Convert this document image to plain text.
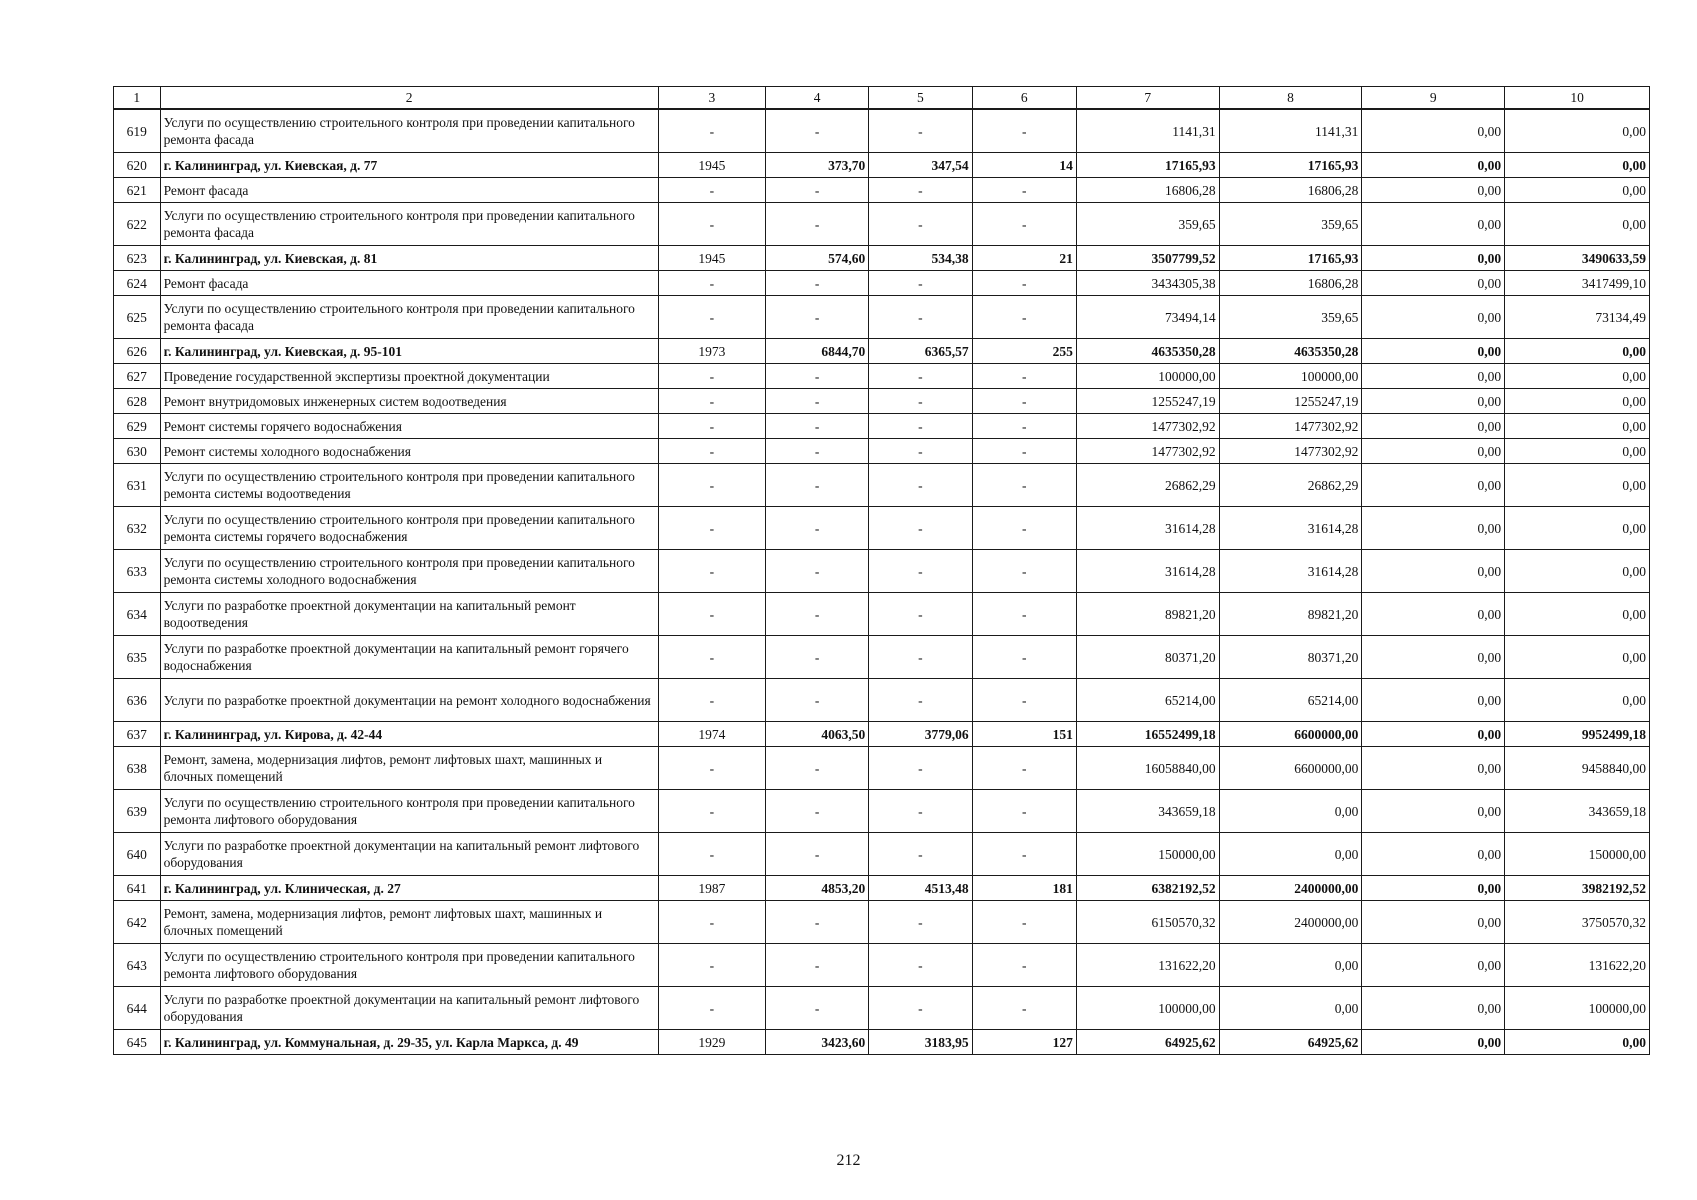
1	2	3	4	5	6	7	8	9	10
619	Услуги по осуществлению строительного контроля при проведении капитального ремонта фасада	-	-	-	-	1141,31	1141,31	0,00	0,00
620	г. Калининград, ул. Киевская, д. 77	1945	373,70	347,54	14	17165,93	17165,93	0,00	0,00
621	Ремонт фасада	-	-	-	-	16806,28	16806,28	0,00	0,00
622	Услуги по осуществлению строительного контроля при проведении капитального ремонта фасада	-	-	-	-	359,65	359,65	0,00	0,00
623	г. Калининград, ул. Киевская, д. 81	1945	574,60	534,38	21	3507799,52	17165,93	0,00	3490633,59
624	Ремонт фасада	-	-	-	-	3434305,38	16806,28	0,00	3417499,10
625	Услуги по осуществлению строительного контроля при проведении капитального ремонта фасада	-	-	-	-	73494,14	359,65	0,00	73134,49
626	г. Калининград, ул. Киевская, д. 95-101	1973	6844,70	6365,57	255	4635350,28	4635350,28	0,00	0,00
627	Проведение государственной экспертизы проектной документации	-	-	-	-	100000,00	100000,00	0,00	0,00
628	Ремонт внутридомовых инженерных систем водоотведения	-	-	-	-	1255247,19	1255247,19	0,00	0,00
629	Ремонт системы горячего водоснабжения	-	-	-	-	1477302,92	1477302,92	0,00	0,00
630	Ремонт системы холодного водоснабжения	-	-	-	-	1477302,92	1477302,92	0,00	0,00
631	Услуги по осуществлению строительного контроля при проведении капитального ремонта системы водоотведения	-	-	-	-	26862,29	26862,29	0,00	0,00
632	Услуги по осуществлению строительного контроля при проведении капитального ремонта системы горячего водоснабжения	-	-	-	-	31614,28	31614,28	0,00	0,00
633	Услуги по осуществлению строительного контроля при проведении капитального ремонта системы холодного водоснабжения	-	-	-	-	31614,28	31614,28	0,00	0,00
634	Услуги по разработке проектной документации на капитальный ремонт водоотведения	-	-	-	-	89821,20	89821,20	0,00	0,00
635	Услуги по разработке проектной документации на капитальный ремонт горячего водоснабжения	-	-	-	-	80371,20	80371,20	0,00	0,00
636	Услуги по разработке проектной документации на ремонт холодного водоснабжения	-	-	-	-	65214,00	65214,00	0,00	0,00
637	г. Калининград, ул. Кирова, д. 42-44	1974	4063,50	3779,06	151	16552499,18	6600000,00	0,00	9952499,18
638	Ремонт, замена, модернизация лифтов, ремонт лифтовых шахт, машинных и блочных помещений	-	-	-	-	16058840,00	6600000,00	0,00	9458840,00
639	Услуги по осуществлению строительного контроля при проведении капитального ремонта лифтового оборудования	-	-	-	-	343659,18	0,00	0,00	343659,18
640	Услуги по разработке проектной документации на капитальный ремонт лифтового оборудования	-	-	-	-	150000,00	0,00	0,00	150000,00
641	г. Калининград, ул. Клиническая, д. 27	1987	4853,20	4513,48	181	6382192,52	2400000,00	0,00	3982192,52
642	Ремонт, замена, модернизация лифтов, ремонт лифтовых шахт, машинных и блочных помещений	-	-	-	-	6150570,32	2400000,00	0,00	3750570,32
643	Услуги по осуществлению строительного контроля при проведении капитального ремонта лифтового оборудования	-	-	-	-	131622,20	0,00	0,00	131622,20
644	Услуги по разработке проектной документации на капитальный ремонт лифтового оборудования	-	-	-	-	100000,00	0,00	0,00	100000,00
645	г. Калининград, ул. Коммунальная, д. 29-35, ул. Карла Маркса, д. 49	1929	3423,60	3183,95	127	64925,62	64925,62	0,00	0,00
212
